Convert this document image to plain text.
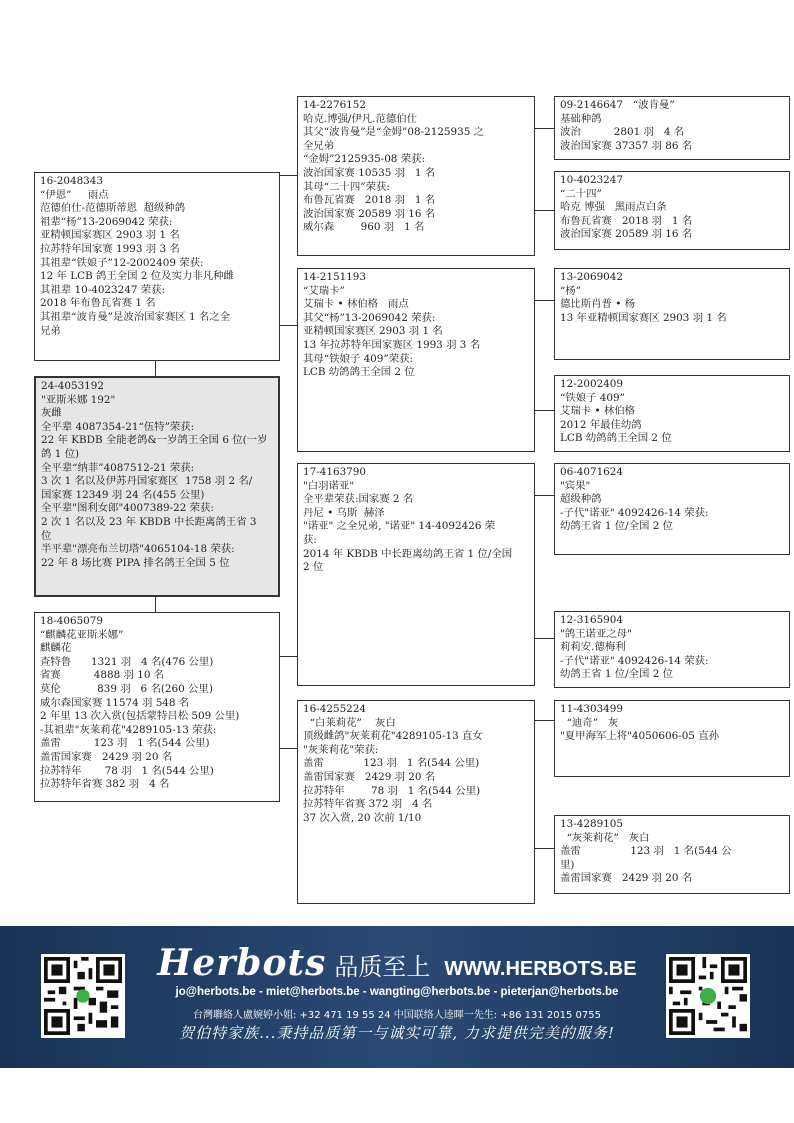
14-2276152
哈克.博强/伊凡.范德伯仕
其父“波肯曼”是“金姆”08-2125935 之
全兄弟
“金姆”2125935-08 荣获:
波治国家赛 10535 羽   1 名
其母“二十四”荣获:
布鲁瓦省赛   2018 羽   1 名
波治国家赛 20589 羽 16 名
威尔森        960 羽   1 名
09-2146647   “波肯曼”
基础种鸽
波治          2801 羽   4 名
波治国家赛 37357 羽 86 名
10-4023247
“二十四”
哈克 博强   黑雨点白条
布鲁瓦省赛   2018 羽   1 名
波治国家赛 20589 羽 16 名
16-2048343
“伊恩”     雨点
范德伯仕-范德斯蒂恩  超级种鸽
祖辈“杨”13-2069042 荣获:
亚精顿国家赛区 2903 羽 1 名
拉苏特年国家赛 1993 羽 3 名
其祖辈“铁娘子”12-2002409 荣获:
12 年 LCB 鸽王全国 2 位及实力非凡种雌
其祖辈 10-4023247 荣获:
2018 年布鲁瓦省赛 1 名
其祖辈“波肯曼”是波治国家赛区 1 名之全
兄弟
14-2151193
“艾瑞卡”
艾瑞卡 • 林伯格   雨点
其父“杨”13-2069042 荣获:
亚精顿国家赛区 2903 羽 1 名
13 年拉苏特年国家赛区 1993 羽 3 名
其母“铁娘子 409”荣获:
LCB 幼鸽鸽王全国 2 位
13-2069042
“杨”
德比斯肖普 • 杨
13 年亚精顿国家赛区 2903 羽 1 名
12-2002409
“铁娘子 409”
艾瑞卡 • 林伯格
2012 年最佳幼鸽
LCB 幼鸽鸽王全国 2 位
24-4053192
"亚斯米娜 192"
灰雌
全平辈 4087354-21“伍特”荣获:
22 年 KBDB 全能老鸽&一岁鸽王全国 6 位(一岁
鸽 1 位)
全平辈“纳菲”4087512-21 荣获:
3 次 1 名以及伊苏丹国家赛区  1758 羽 2 名/
国家赛 12349 羽 24 名(455 公里)
全平辈"图利女郎"4007389-22 荣获:
2 次 1 名以及 23 年 KBDB 中长距离鸽王省 3
位
半平辈"漂亮布兰切塔"4065104-18 荣获:
22 年 8 场比赛 PIPA 排名鸽王全国 5 位
17-4163790
"白羽诺亚"
全平辈荣获:国家赛 2 名
丹尼 • 乌斯  赫泽
"诺亚" 之全兄弟, "诺亚" 14-4092426 荣
获:
2014 年 KBDB 中长距离幼鸽王省 1 位/全国
2 位
06-4071624
"宾果"
超级种鸽
-子代"诺亚" 4092426-14 荣获:
幼鸽王省 1 位/全国 2 位
12-3165904
"鸽王诺亚之母"
莉莉安.德梅利
-子代"诺亚" 4092426-14 荣获:
幼鸽王省 1 位/全国 2 位
18-4065079
“麒麟花亚斯米娜”
麒麟花
查特鲁      1321 羽   4 名(476 公里)
省赛          4888 羽 10 名
莫伦           839 羽   6 名(260 公里)
威尔森国家赛 11574 羽 548 名
2 年里 13 次入赏(包括蒙特吕松 509 公里)
-其祖辈"灰莱莉花"4289105-13 荣获:
盖雷          123 羽   1 名(544 公里)
盖雷国家赛   2429 羽 20 名
拉苏特年       78 羽   1 名(544 公里)
拉苏特年省赛 382 羽   4 名
16-4255224
“白莱莉花”    灰白
顶级雌鸽"灰莱莉花"4289105-13 直女
"灰莱莉花"荣获:
盖雷            123 羽   1 名(544 公里)
盖雷国家赛   2429 羽 20 名
拉苏特年        78 羽   1 名(544 公里)
拉苏特年省赛 372 羽   4 名
37 次入赏, 20 次前 1/10
11-4303499
“迪奇”   灰
"夏甲海军上将"4050606-05 直孙
13-4289105
“灰莱莉花”   灰白
盖雷               123 羽   1 名(544 公
里)
盖雷国家赛   2429 羽 20 名
Herbots 品质至上 WWW.HERBOTS.BE
jo@herbots.be - miet@herbots.be - wangting@herbots.be - pieterjan@herbots.be
台灣聯絡人盧婉婷小姐: +32 471 19 55 24 中国联络人逵暉一先生: +86 131 2015 0755
贺伯特家族...秉持品质第一与诚实可靠, 力求提供完美的服务!
